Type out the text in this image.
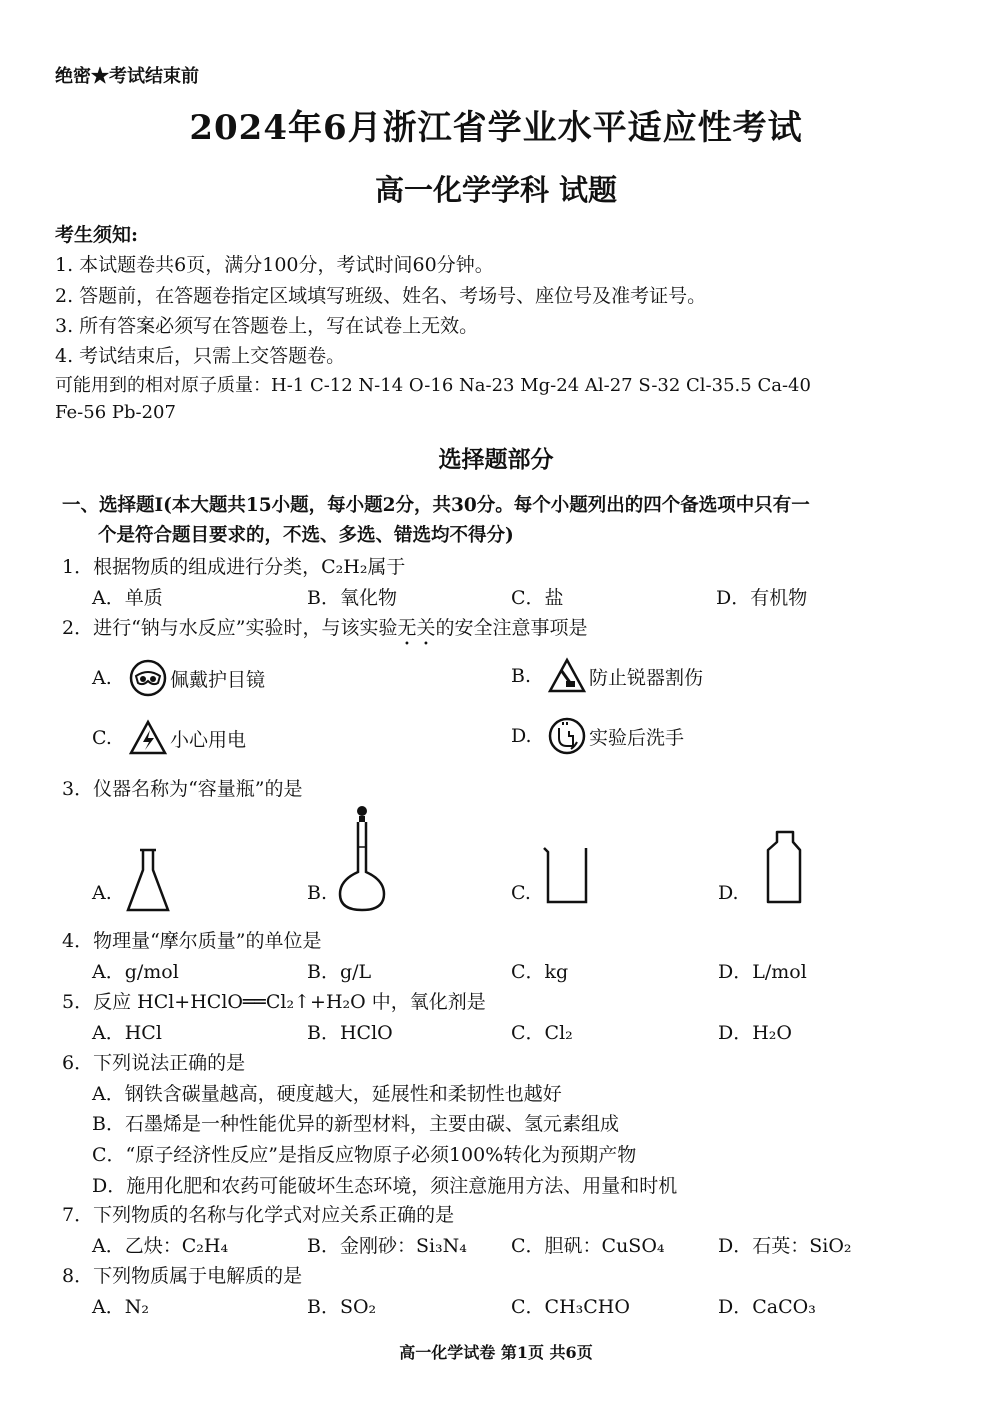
绝密★考试结束前
2024年6月浙江省学业水平适应性考试
高一化学学科 试题
考生须知:
1. 本试题卷共6页，满分100分，考试时间60分钟。
2. 答题前，在答题卷指定区域填写班级、姓名、考场号、座位号及准考证号。
3. 所有答案必须写在答题卷上，写在试卷上无效。
4. 考试结束后，只需上交答题卷。
可能用到的相对原子质量：H-1 C-12 N-14 O-16 Na-23 Mg-24 Al-27 S-32 Cl-35.5 Ca-40
Fe-56 Pb-207
选择题部分
一、选择题Ⅰ(本大题共15小题，每小题2分，共30分。每个小题列出的四个备选项中只有一
个是符合题目要求的，不选、多选、错选均不得分)
1．根据物质的组成进行分类，C₂H₂属于
A．单质	B．氧化物	C．盐	D．有机物
2．进行“钠与水反应”实验时，与该实验无关的安全注意事项是
A.	佩戴护目镜	B.	防止锐器割伤
C.	小心用电	D.	实验后洗手
3．仪器名称为“容量瓶”的是
A.	B.	C.	D.
4．物理量“摩尔质量”的单位是
A．g/mol	B．g/L	C．kg	D．L/mol
5．反应 HCl+HClO══Cl₂↑+H₂O 中，氧化剂是
A．HCl	B．HClO	C．Cl₂	D．H₂O
6．下列说法正确的是
A．钢铁含碳量越高，硬度越大，延展性和柔韧性也越好
B．石墨烯是一种性能优异的新型材料，主要由碳、氢元素组成
C．“原子经济性反应”是指反应物原子必须100%转化为预期产物
D．施用化肥和农药可能破坏生态环境，须注意施用方法、用量和时机
7．下列物质的名称与化学式对应关系正确的是
A．乙炔：C₂H₄	B．金刚砂：Si₃N₄ C．胆矾：CuSO₄	D．石英：SiO₂
8．下列物质属于电解质的是
A．N₂	B．SO₂	C．CH₃CHO	D．CaCO₃
高一化学试卷 第1页 共6页
